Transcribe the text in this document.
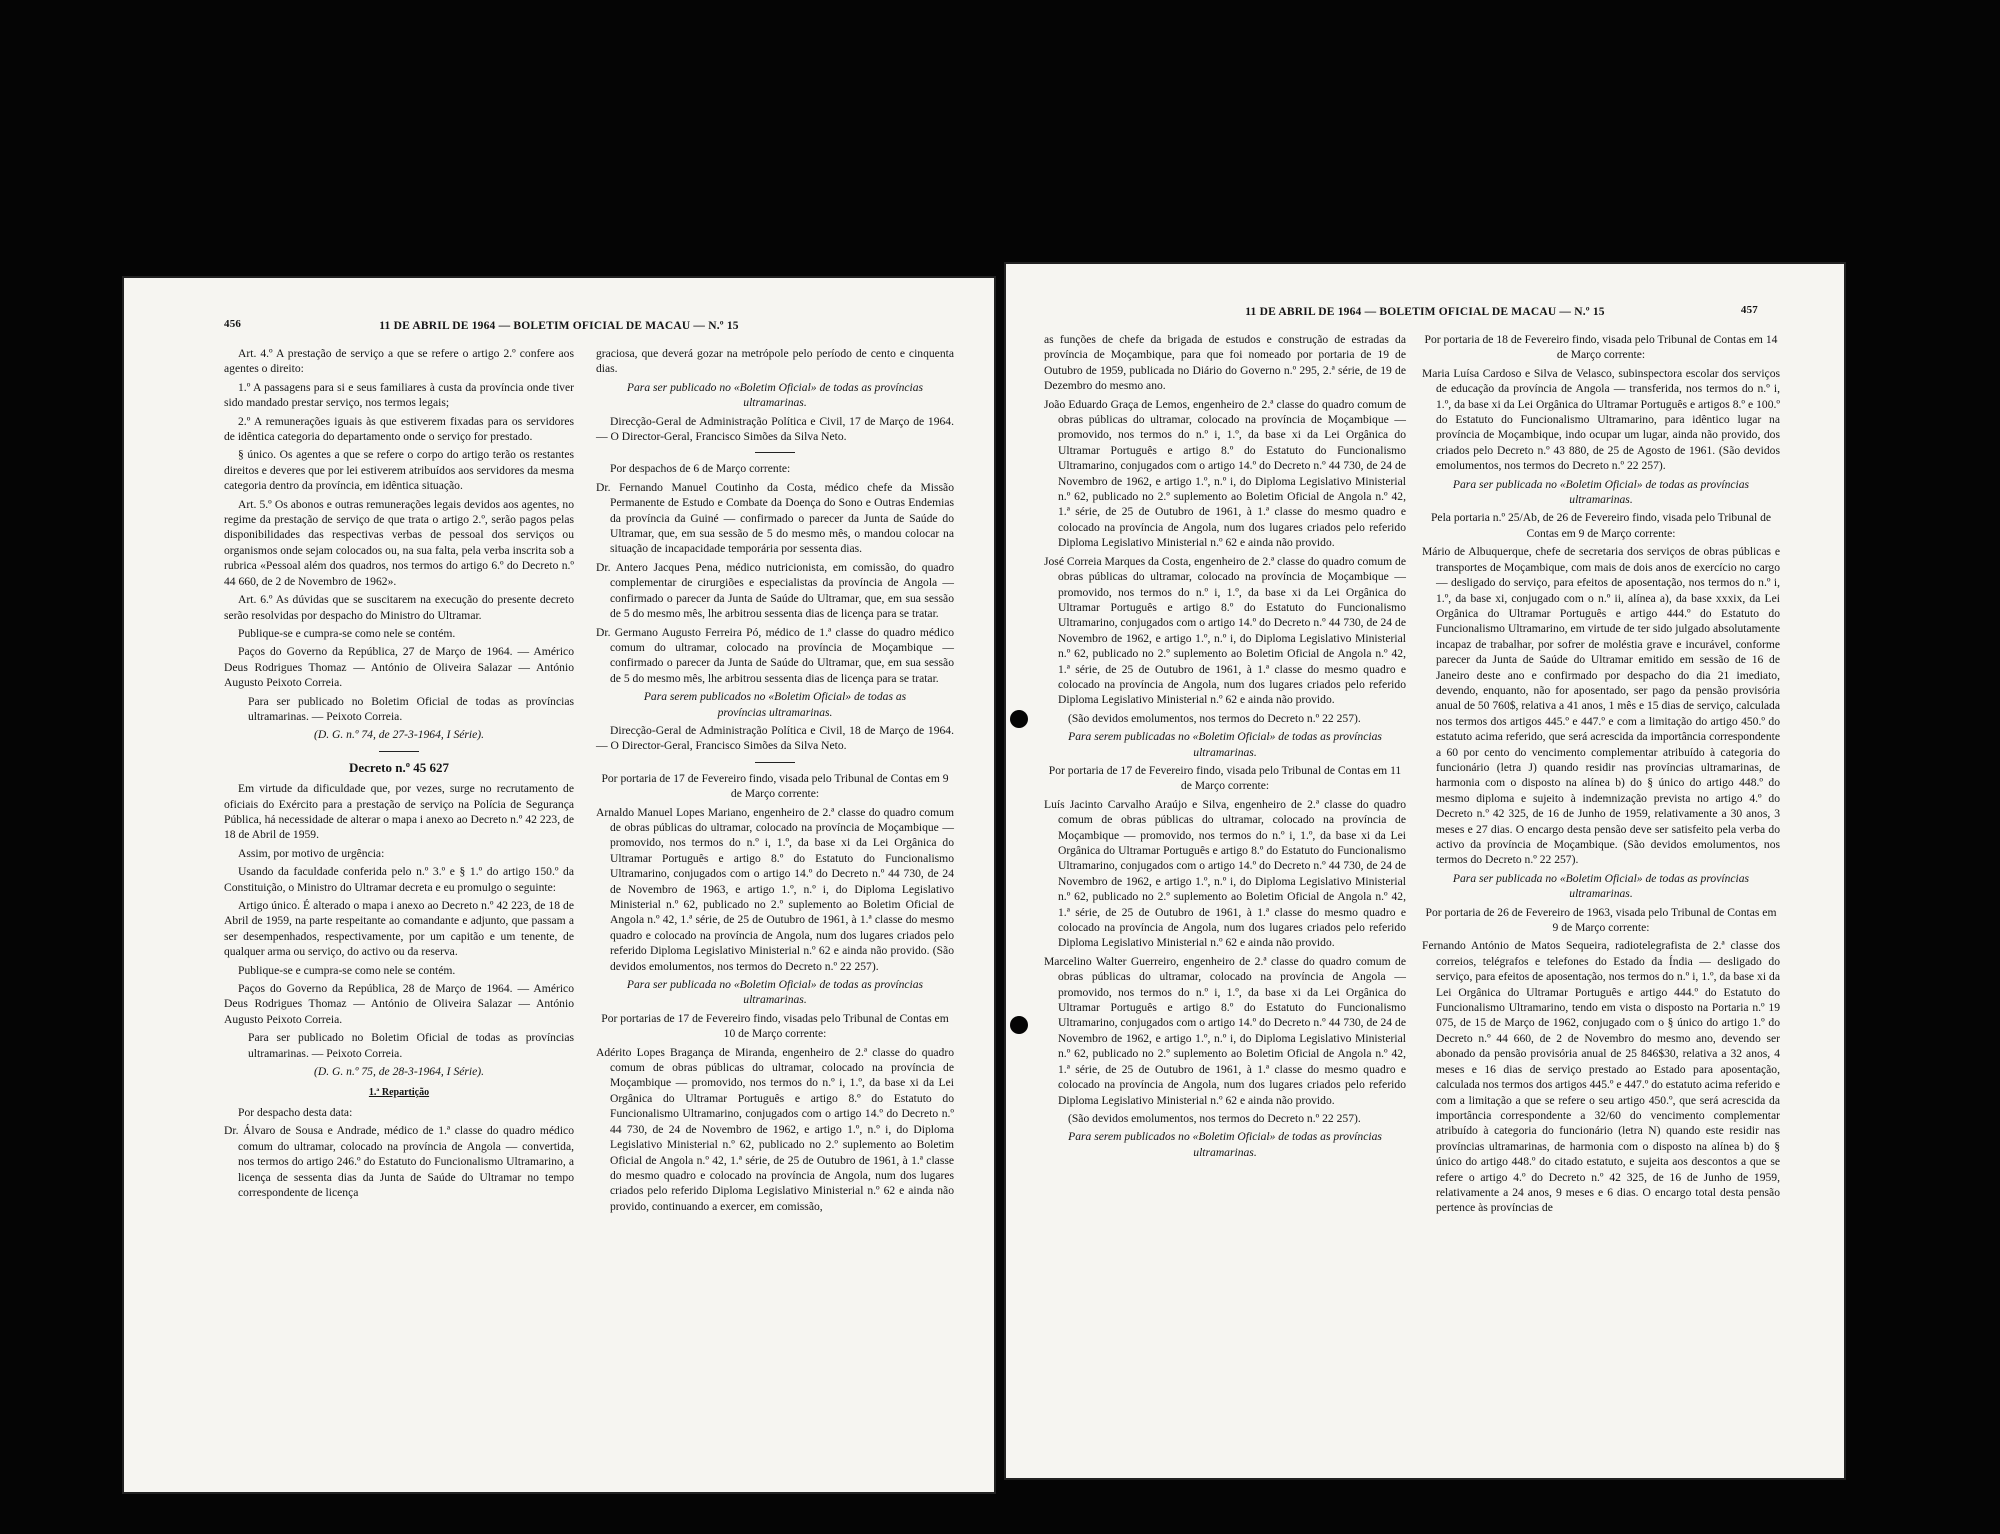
456	11 DE ABRIL DE 1964 — BOLETIM OFICIAL DE MACAU — N.º 15

Art. 4.º A prestação de serviço a que se refere o artigo 2.º confere aos agentes o direito:

1.º A passagens para si e seus familiares à custa da província onde tiver sido mandado prestar serviço, nos termos legais;

2.º A remunerações iguais às que estiverem fixadas para os servidores de idêntica categoria do departamento onde o serviço for prestado.

§ único. Os agentes a que se refere o corpo do artigo terão os restantes direitos e deveres que por lei estiverem atribuídos aos servidores da mesma categoria dentro da província, em idêntica situação.

Art. 5.º Os abonos e outras remunerações legais devidos aos agentes, no regime da prestação de serviço de que trata o artigo 2.º, serão pagos pelas disponibilidades das respectivas verbas de pessoal dos serviços ou organismos onde sejam colocados ou, na sua falta, pela verba inscrita sob a rubrica «Pessoal além dos quadros, nos termos do artigo 6.º do Decreto n.º 44 660, de 2 de Novembro de 1962».

Art. 6.º As dúvidas que se suscitarem na execução do presente decreto serão resolvidas por despacho do Ministro do Ultramar.

Publique-se e cumpra-se como nele se contém.

Paços do Governo da República, 27 de Março de 1964. — Américo Deus Rodrigues Thomaz — António de Oliveira Salazar — António Augusto Peixoto Correia.

Para ser publicado no Boletim Oficial de todas as províncias ultramarinas. — Peixoto Correia.

(D. G. n.º 74, de 27-3-1964, I Série).

Decreto n.º 45 627

Em virtude da dificuldade que, por vezes, surge no recrutamento de oficiais do Exército para a prestação de serviço na Polícia de Segurança Pública, há necessidade de alterar o mapa i anexo ao Decreto n.º 42 223, de 18 de Abril de 1959.

Assim, por motivo de urgência:

Usando da faculdade conferida pelo n.º 3.º e § 1.º do artigo 150.º da Constituição, o Ministro do Ultramar decreta e eu promulgo o seguinte:

Artigo único. É alterado o mapa i anexo ao Decreto n.º 42 223, de 18 de Abril de 1959, na parte respeitante ao comandante e adjunto, que passam a ser desempenhados, respectivamente, por um capitão e um tenente, de qualquer arma ou serviço, do activo ou da reserva.

Publique-se e cumpra-se como nele se contém.

Paços do Governo da República, 28 de Março de 1964. — Américo Deus Rodrigues Thomaz — António de Oliveira Salazar — António Augusto Peixoto Correia.

Para ser publicado no Boletim Oficial de todas as províncias ultramarinas. — Peixoto Correia.

(D. G. n.º 75, de 28-3-1964, I Série).

1.ª Repartição

Por despacho desta data:

Dr. Álvaro de Sousa e Andrade, médico de 1.ª classe do quadro médico comum do ultramar, colocado na província de Angola — convertida, nos termos do artigo 246.º do Estatuto do Funcionalismo Ultramarino, a licença de sessenta dias da Junta de Saúde do Ultramar no tempo correspondente de licença

graciosa, que deverá gozar na metrópole pelo período de cento e cinquenta dias.

Para ser publicado no «Boletim Oficial» de todas as províncias ultramarinas.

Direcção-Geral de Administração Política e Civil, 17 de Março de 1964. — O Director-Geral, Francisco Simões da Silva Neto.

Por despachos de 6 de Março corrente:

Dr. Fernando Manuel Coutinho da Costa, médico chefe da Missão Permanente de Estudo e Combate da Doença do Sono e Outras Endemias da província da Guiné — confirmado o parecer da Junta de Saúde do Ultramar, que, em sua sessão de 5 do mesmo mês, o mandou colocar na situação de incapacidade temporária por sessenta dias.

Dr. Antero Jacques Pena, médico nutricionista, em comissão, do quadro complementar de cirurgiões e especialistas da província de Angola — confirmado o parecer da Junta de Saúde do Ultramar, que, em sua sessão de 5 do mesmo mês, lhe arbitrou sessenta dias de licença para se tratar.

Dr. Germano Augusto Ferreira Pó, médico de 1.ª classe do quadro médico comum do ultramar, colocado na província de Moçambique — confirmado o parecer da Junta de Saúde do Ultramar, que, em sua sessão de 5 do mesmo mês, lhe arbitrou sessenta dias de licença para se tratar.

Para serem publicados no «Boletim Oficial» de todas as províncias ultramarinas.

Direcção-Geral de Administração Política e Civil, 18 de Março de 1964. — O Director-Geral, Francisco Simões da Silva Neto.

Por portaria de 17 de Fevereiro findo, visada pelo Tribunal de Contas em 9 de Março corrente:

Arnaldo Manuel Lopes Mariano, engenheiro de 2.ª classe do quadro comum de obras públicas do ultramar, colocado na província de Moçambique — promovido, nos termos do n.º i, 1.º, da base xi da Lei Orgânica do Ultramar Português e artigo 8.º do Estatuto do Funcionalismo Ultramarino, conjugados com o artigo 14.º do Decreto n.º 44 730, de 24 de Novembro de 1963, e artigo 1.º, n.º i, do Diploma Legislativo Ministerial n.º 62, publicado no 2.º suplemento ao Boletim Oficial de Angola n.º 42, 1.ª série, de 25 de Outubro de 1961, à 1.ª classe do mesmo quadro e colocado na província de Angola, num dos lugares criados pelo referido Diploma Legislativo Ministerial n.º 62 e ainda não provido. (São devidos emolumentos, nos termos do Decreto n.º 22 257).

Para ser publicada no «Boletim Oficial» de todas as províncias ultramarinas.

Por portarias de 17 de Fevereiro findo, visadas pelo Tribunal de Contas em 10 de Março corrente:

Adérito Lopes Bragança de Miranda, engenheiro de 2.ª classe do quadro comum de obras públicas do ultramar, colocado na província de Moçambique — promovido, nos termos do n.º i, 1.º, da base xi da Lei Orgânica do Ultramar Português e artigo 8.º do Estatuto do Funcionalismo Ultramarino, conjugados com o artigo 14.º do Decreto n.º 44 730, de 24 de Novembro de 1962, e artigo 1.º, n.º i, do Diploma Legislativo Ministerial n.º 62, publicado no 2.º suplemento ao Boletim Oficial de Angola n.º 42, 1.ª série, de 25 de Outubro de 1961, à 1.ª classe do mesmo quadro e colocado na província de Angola, num dos lugares criados pelo referido Diploma Legislativo Ministerial n.º 62 e ainda não provido, continuando a exercer, em comissão,

11 DE ABRIL DE 1964 — BOLETIM OFICIAL DE MACAU — N.º 15	457

as funções de chefe da brigada de estudos e construção de estradas da província de Moçambique, para que foi nomeado por portaria de 19 de Outubro de 1959, publicada no Diário do Governo n.º 295, 2.ª série, de 19 de Dezembro do mesmo ano.

João Eduardo Graça de Lemos, engenheiro de 2.ª classe do quadro comum de obras públicas do ultramar, colocado na província de Moçambique — promovido, nos termos do n.º i, 1.º, da base xi da Lei Orgânica do Ultramar Português e artigo 8.º do Estatuto do Funcionalismo Ultramarino, conjugados com o artigo 14.º do Decreto n.º 44 730, de 24 de Novembro de 1962, e artigo 1.º, n.º i, do Diploma Legislativo Ministerial n.º 62, publicado no 2.º suplemento ao Boletim Oficial de Angola n.º 42, 1.ª série, de 25 de Outubro de 1961, à 1.ª classe do mesmo quadro e colocado na província de Angola, num dos lugares criados pelo referido Diploma Legislativo Ministerial n.º 62 e ainda não provido.

José Correia Marques da Costa, engenheiro de 2.ª classe do quadro comum de obras públicas do ultramar, colocado na província de Moçambique — promovido, nos termos do n.º i, 1.º, da base xi da Lei Orgânica do Ultramar Português e artigo 8.º do Estatuto do Funcionalismo Ultramarino, conjugados com o artigo 14.º do Decreto n.º 44 730, de 24 de Novembro de 1962, e artigo 1.º, n.º i, do Diploma Legislativo Ministerial n.º 62, publicado no 2.º suplemento ao Boletim Oficial de Angola n.º 42, 1.ª série, de 25 de Outubro de 1961, à 1.ª classe do mesmo quadro e colocado na província de Angola, num dos lugares criados pelo referido Diploma Legislativo Ministerial n.º 62 e ainda não provido.

(São devidos emolumentos, nos termos do Decreto n.º 22 257).

Para serem publicadas no «Boletim Oficial» de todas as províncias ultramarinas.

Por portaria de 17 de Fevereiro findo, visada pelo Tribunal de Contas em 11 de Março corrente:

Luís Jacinto Carvalho Araújo e Silva, engenheiro de 2.ª classe do quadro comum de obras públicas do ultramar, colocado na província de Moçambique — promovido, nos termos do n.º i, 1.º, da base xi da Lei Orgânica do Ultramar Português e artigo 8.º do Estatuto do Funcionalismo Ultramarino, conjugados com o artigo 14.º do Decreto n.º 44 730, de 24 de Novembro de 1962, e artigo 1.º, n.º i, do Diploma Legislativo Ministerial n.º 62, publicado no 2.º suplemento ao Boletim Oficial de Angola n.º 42, 1.ª série, de 25 de Outubro de 1961, à 1.ª classe do mesmo quadro e colocado na província de Angola, num dos lugares criados pelo referido Diploma Legislativo Ministerial n.º 62 e ainda não provido.

Marcelino Walter Guerreiro, engenheiro de 2.ª classe do quadro comum de obras públicas do ultramar, colocado na província de Angola — promovido, nos termos do n.º i, 1.º, da base xi da Lei Orgânica do Ultramar Português e artigo 8.º do Estatuto do Funcionalismo Ultramarino, conjugados com o artigo 14.º do Decreto n.º 44 730, de 24 de Novembro de 1962, e artigo 1.º, n.º i, do Diploma Legislativo Ministerial n.º 62, publicado no 2.º suplemento ao Boletim Oficial de Angola n.º 42, 1.ª série, de 25 de Outubro de 1961, à 1.ª classe do mesmo quadro e colocado na província de Angola, num dos lugares criados pelo referido Diploma Legislativo Ministerial n.º 62 e ainda não provido.

(São devidos emolumentos, nos termos do Decreto n.º 22 257).

Para serem publicados no «Boletim Oficial» de todas as províncias ultramarinas.

Por portaria de 18 de Fevereiro findo, visada pelo Tribunal de Contas em 14 de Março corrente:

Maria Luísa Cardoso e Silva de Velasco, subinspectora escolar dos serviços de educação da província de Angola — transferida, nos termos do n.º i, 1.º, da base xi da Lei Orgânica do Ultramar Português e artigos 8.º e 100.º do Estatuto do Funcionalismo Ultramarino, para idêntico lugar na província de Moçambique, indo ocupar um lugar, ainda não provido, dos criados pelo Decreto n.º 43 880, de 25 de Agosto de 1961. (São devidos emolumentos, nos termos do Decreto n.º 22 257).

Para ser publicada no «Boletim Oficial» de todas as províncias ultramarinas.

Pela portaria n.º 25/Ab, de 26 de Fevereiro findo, visada pelo Tribunal de Contas em 9 de Março corrente:

Mário de Albuquerque, chefe de secretaria dos serviços de obras públicas e transportes de Moçambique, com mais de dois anos de exercício no cargo — desligado do serviço, para efeitos de aposentação, nos termos do n.º i, 1.º, da base xi, conjugado com o n.º ii, alínea a), da base xxxix, da Lei Orgânica do Ultramar Português e artigo 444.º do Estatuto do Funcionalismo Ultramarino, em virtude de ter sido julgado absolutamente incapaz de trabalhar, por sofrer de moléstia grave e incurável, conforme parecer da Junta de Saúde do Ultramar emitido em sessão de 16 de Janeiro deste ano e confirmado por despacho do dia 21 imediato, devendo, enquanto, não for aposentado, ser pago da pensão provisória anual de 50 760$, relativa a 41 anos, 1 mês e 15 dias de serviço, calculada nos termos dos artigos 445.º e 447.º e com a limitação do artigo 450.º do estatuto acima referido, que será acrescida da importância correspondente a 60 por cento do vencimento complementar atribuído à categoria do funcionário (letra J) quando residir nas províncias ultramarinas, de harmonia com o disposto na alínea b) do § único do artigo 448.º do mesmo diploma e sujeito à indemnização prevista no artigo 4.º do Decreto n.º 42 325, de 16 de Junho de 1959, relativamente a 30 anos, 3 meses e 27 dias. O encargo desta pensão deve ser satisfeito pela verba do activo da província de Moçambique. (São devidos emolumentos, nos termos do Decreto n.º 22 257).

Para ser publicada no «Boletim Oficial» de todas as províncias ultramarinas.

Por portaria de 26 de Fevereiro de 1963, visada pelo Tribunal de Contas em 9 de Março corrente:

Fernando António de Matos Sequeira, radiotelegrafista de 2.ª classe dos correios, telégrafos e telefones do Estado da Índia — desligado do serviço, para efeitos de aposentação, nos termos do n.º i, 1.º, da base xi da Lei Orgânica do Ultramar Português e artigo 444.º do Estatuto do Funcionalismo Ultramarino, tendo em vista o disposto na Portaria n.º 19 075, de 15 de Março de 1962, conjugado com o § único do artigo 1.º do Decreto n.º 44 660, de 2 de Novembro do mesmo ano, devendo ser abonado da pensão provisória anual de 25 846$30, relativa a 32 anos, 4 meses e 16 dias de serviço prestado ao Estado para aposentação, calculada nos termos dos artigos 445.º e 447.º do estatuto acima referido e com a limitação a que se refere o seu artigo 450.º, que será acrescida da importância correspondente a 32/60 do vencimento complementar atribuído à categoria do funcionário (letra N) quando este residir nas províncias ultramarinas, de harmonia com o disposto na alínea b) do § único do artigo 448.º do citado estatuto, e sujeita aos descontos a que se refere o artigo 4.º do Decreto n.º 42 325, de 16 de Junho de 1959, relativamente a 24 anos, 9 meses e 6 dias. O encargo total desta pensão pertence às províncias de
